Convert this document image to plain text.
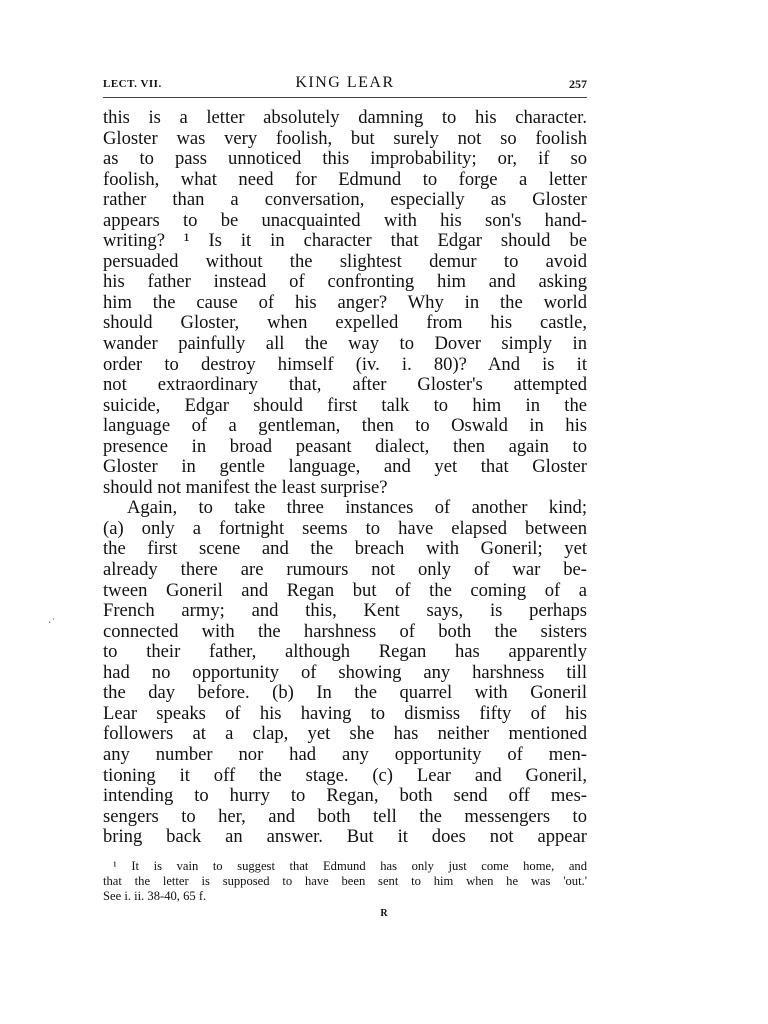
LECT. VII.	KING LEAR	257
this is a letter absolutely damning to his character.
Gloster was very foolish, but surely not so foolish
as to pass unnoticed this improbability; or, if so
foolish, what need for Edmund to forge a letter
rather than a conversation, especially as Gloster
appears to be unacquainted with his son's hand-
writing? ¹ Is it in character that Edgar should be
persuaded without the slightest demur to avoid
his father instead of confronting him and asking
him the cause of his anger? Why in the world
should Gloster, when expelled from his castle,
wander painfully all the way to Dover simply in
order to destroy himself (iv. i. 80)? And is it
not extraordinary that, after Gloster's attempted
suicide, Edgar should first talk to him in the
language of a gentleman, then to Oswald in his
presence in broad peasant dialect, then again to
Gloster in gentle language, and yet that Gloster
should not manifest the least surprise?
Again, to take three instances of another kind;
(a) only a fortnight seems to have elapsed between
the first scene and the breach with Goneril; yet
already there are rumours not only of war be-
tween Goneril and Regan but of the coming of a
French army; and this, Kent says, is perhaps
connected with the harshness of both the sisters
to their father, although Regan has apparently
had no opportunity of showing any harshness till
the day before. (b) In the quarrel with Goneril
Lear speaks of his having to dismiss fifty of his
followers at a clap, yet she has neither mentioned
any number nor had any opportunity of men-
tioning it off the stage. (c) Lear and Goneril,
intending to hurry to Regan, both send off mes-
sengers to her, and both tell the messengers to
bring back an answer. But it does not appear
¹ It is vain to suggest that Edmund has only just come home, and
that the letter is supposed to have been sent to him when he was 'out.'
See i. ii. 38-40, 65 f.
R
·˙
